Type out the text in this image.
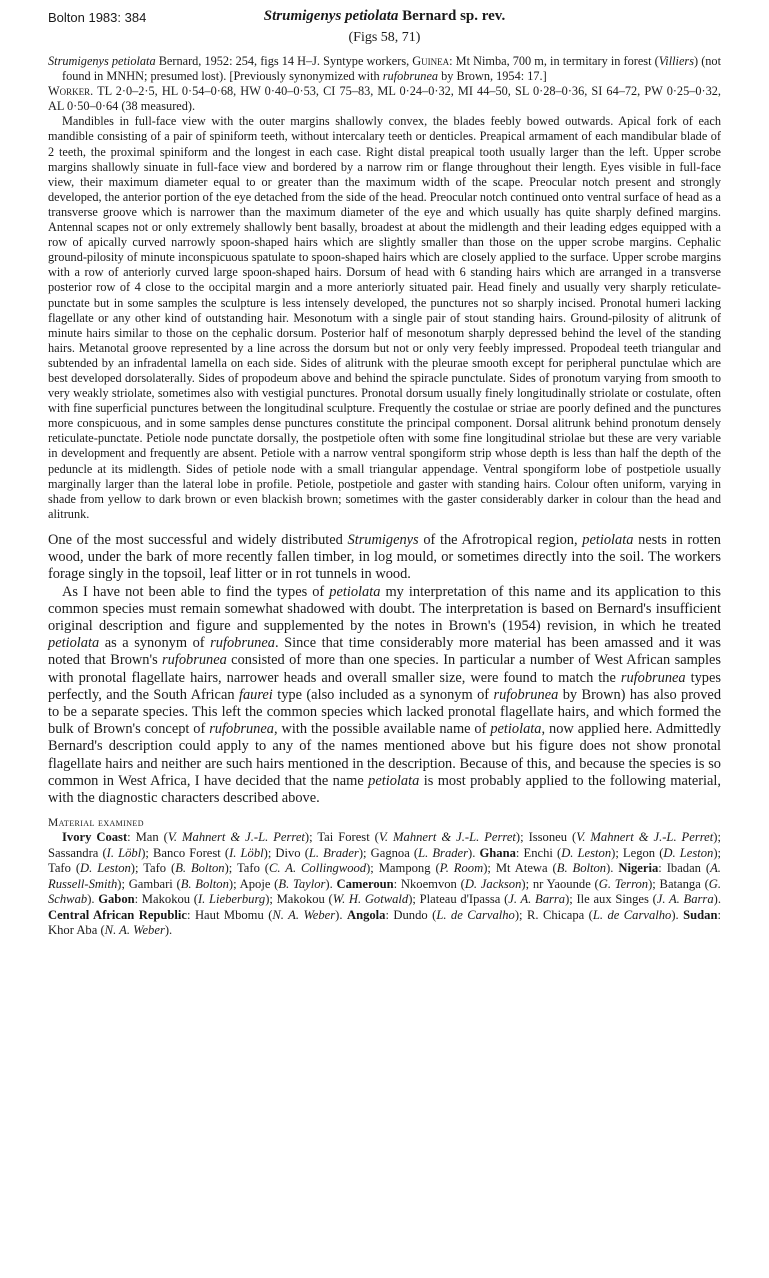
Bolton 1983: 384	Strumigenys petiolata Bernard sp. rev.
(Figs 58, 71)

Strumigenys petiolata Bernard, 1952: 254, figs 14 H–J. Syntype workers, Guinea: Mt Nimba, 700 m, in termitary in forest (Villiers) (not found in MNHN; presumed lost). [Previously synonymized with rufobrunea by Brown, 1954: 17.]

Worker. TL 2·0–2·5, HL 0·54–0·68, HW 0·40–0·53, CI 75–83, ML 0·24–0·32, MI 44–50, SL 0·28–0·36, SI 64–72, PW 0·25–0·32, AL 0·50–0·64 (38 measured).

Mandibles in full-face view with the outer margins shallowly convex, the blades feebly bowed outwards. Apical fork of each mandible consisting of a pair of spiniform teeth, without intercalary teeth or denticles. Preapical armament of each mandibular blade of 2 teeth, the proximal spiniform and the longest in each case. Right distal preapical tooth usually larger than the left. Upper scrobe margins shallowly sinuate in full-face view and bordered by a narrow rim or flange throughout their length. Eyes visible in full-face view, their maximum diameter equal to or greater than the maximum width of the scape. Preocular notch present and strongly developed, the anterior portion of the eye detached from the side of the head. Preocular notch continued onto ventral surface of head as a transverse groove which is narrower than the maximum diameter of the eye and which usually has quite sharply defined margins. Antennal scapes not or only extremely shallowly bent basally, broadest at about the midlength and their leading edges equipped with a row of apically curved narrowly spoon-shaped hairs which are slightly smaller than those on the upper scrobe margins. Cephalic ground-pilosity of minute inconspicuous spatulate to spoon-shaped hairs which are closely applied to the surface. Upper scrobe margins with a row of anteriorly curved large spoon-shaped hairs. Dorsum of head with 6 standing hairs which are arranged in a transverse posterior row of 4 close to the occipital margin and a more anteriorly situated pair. Head finely and usually very sharply reticulate-punctate but in some samples the sculpture is less intensely developed, the punctures not so sharply incised. Pronotal humeri lacking flagellate or any other kind of outstanding hair. Mesonotum with a single pair of stout standing hairs. Ground-pilosity of alitrunk of minute hairs similar to those on the cephalic dorsum. Posterior half of mesonotum sharply depressed behind the level of the standing hairs. Metanotal groove represented by a line across the dorsum but not or only very feebly impressed. Propodeal teeth triangular and subtended by an infradental lamella on each side. Sides of alitrunk with the pleurae smooth except for peripheral punctulae which are best developed dorsolaterally. Sides of propodeum above and behind the spiracle punctulate. Sides of pronotum varying from smooth to very weakly striolate, sometimes also with vestigial punctures. Pronotal dorsum usually finely longitudinally striolate or costulate, often with fine superficial punctures between the longitudinal sculpture. Frequently the costulae or striae are poorly defined and the punctures more conspicuous, and in some samples dense punctures constitute the principal component. Dorsal alitrunk behind pronotum densely reticulate-punctate. Petiole node punctate dorsally, the postpetiole often with some fine longitudinal striolae but these are very variable in development and frequently are absent. Petiole with a narrow ventral spongiform strip whose depth is less than half the depth of the peduncle at its midlength. Sides of petiole node with a small triangular appendage. Ventral spongiform lobe of postpetiole usually marginally larger than the lateral lobe in profile. Petiole, postpetiole and gaster with standing hairs. Colour often uniform, varying in shade from yellow to dark brown or even blackish brown; sometimes with the gaster considerably darker in colour than the head and alitrunk.

One of the most successful and widely distributed Strumigenys of the Afrotropical region, petiolata nests in rotten wood, under the bark of more recently fallen timber, in log mould, or sometimes directly into the soil. The workers forage singly in the topsoil, leaf litter or in rot tunnels in wood.

As I have not been able to find the types of petiolata my interpretation of this name and its application to this common species must remain somewhat shadowed with doubt. The interpretation is based on Bernard's insufficient original description and figure and supplemented by the notes in Brown's (1954) revision, in which he treated petiolata as a synonym of rufobrunea. Since that time considerably more material has been amassed and it was noted that Brown's rufobrunea consisted of more than one species. In particular a number of West African samples with pronotal flagellate hairs, narrower heads and overall smaller size, were found to match the rufobrunea types perfectly, and the South African faurei type (also included as a synonym of rufobrunea by Brown) has also proved to be a separate species. This left the common species which lacked pronotal flagellate hairs, and which formed the bulk of Brown's concept of rufobrunea, with the possible available name of petiolata, now applied here. Admittedly Bernard's description could apply to any of the names mentioned above but his figure does not show pronotal flagellate hairs and neither are such hairs mentioned in the description. Because of this, and because the species is so common in West Africa, I have decided that the name petiolata is most probably applied to the following material, with the diagnostic characters described above.

Material examined
Ivory Coast: Man (V. Mahnert & J.-L. Perret); Tai Forest (V. Mahnert & J.-L. Perret); Issoneu (V. Mahnert & J.-L. Perret); Sassandra (I. Löbl); Banco Forest (I. Löbl); Divo (L. Brader); Gagnoa (L. Brader). Ghana: Enchi (D. Leston); Legon (D. Leston); Tafo (D. Leston); Tafo (B. Bolton); Tafo (C. A. Collingwood); Mampong (P. Room); Mt Atewa (B. Bolton). Nigeria: Ibadan (A. Russell-Smith); Gambari (B. Bolton); Apoje (B. Taylor). Cameroun: Nkoemvon (D. Jackson); nr Yaounde (G. Terron); Batanga (G. Schwab). Gabon: Makokou (I. Lieberburg); Makokou (W. H. Gotwald); Plateau d'Ipassa (J. A. Barra); Ile aux Singes (J. A. Barra). Central African Republic: Haut Mbomu (N. A. Weber). Angola: Dundo (L. de Carvalho); R. Chicapa (L. de Carvalho). Sudan: Khor Aba (N. A. Weber).
